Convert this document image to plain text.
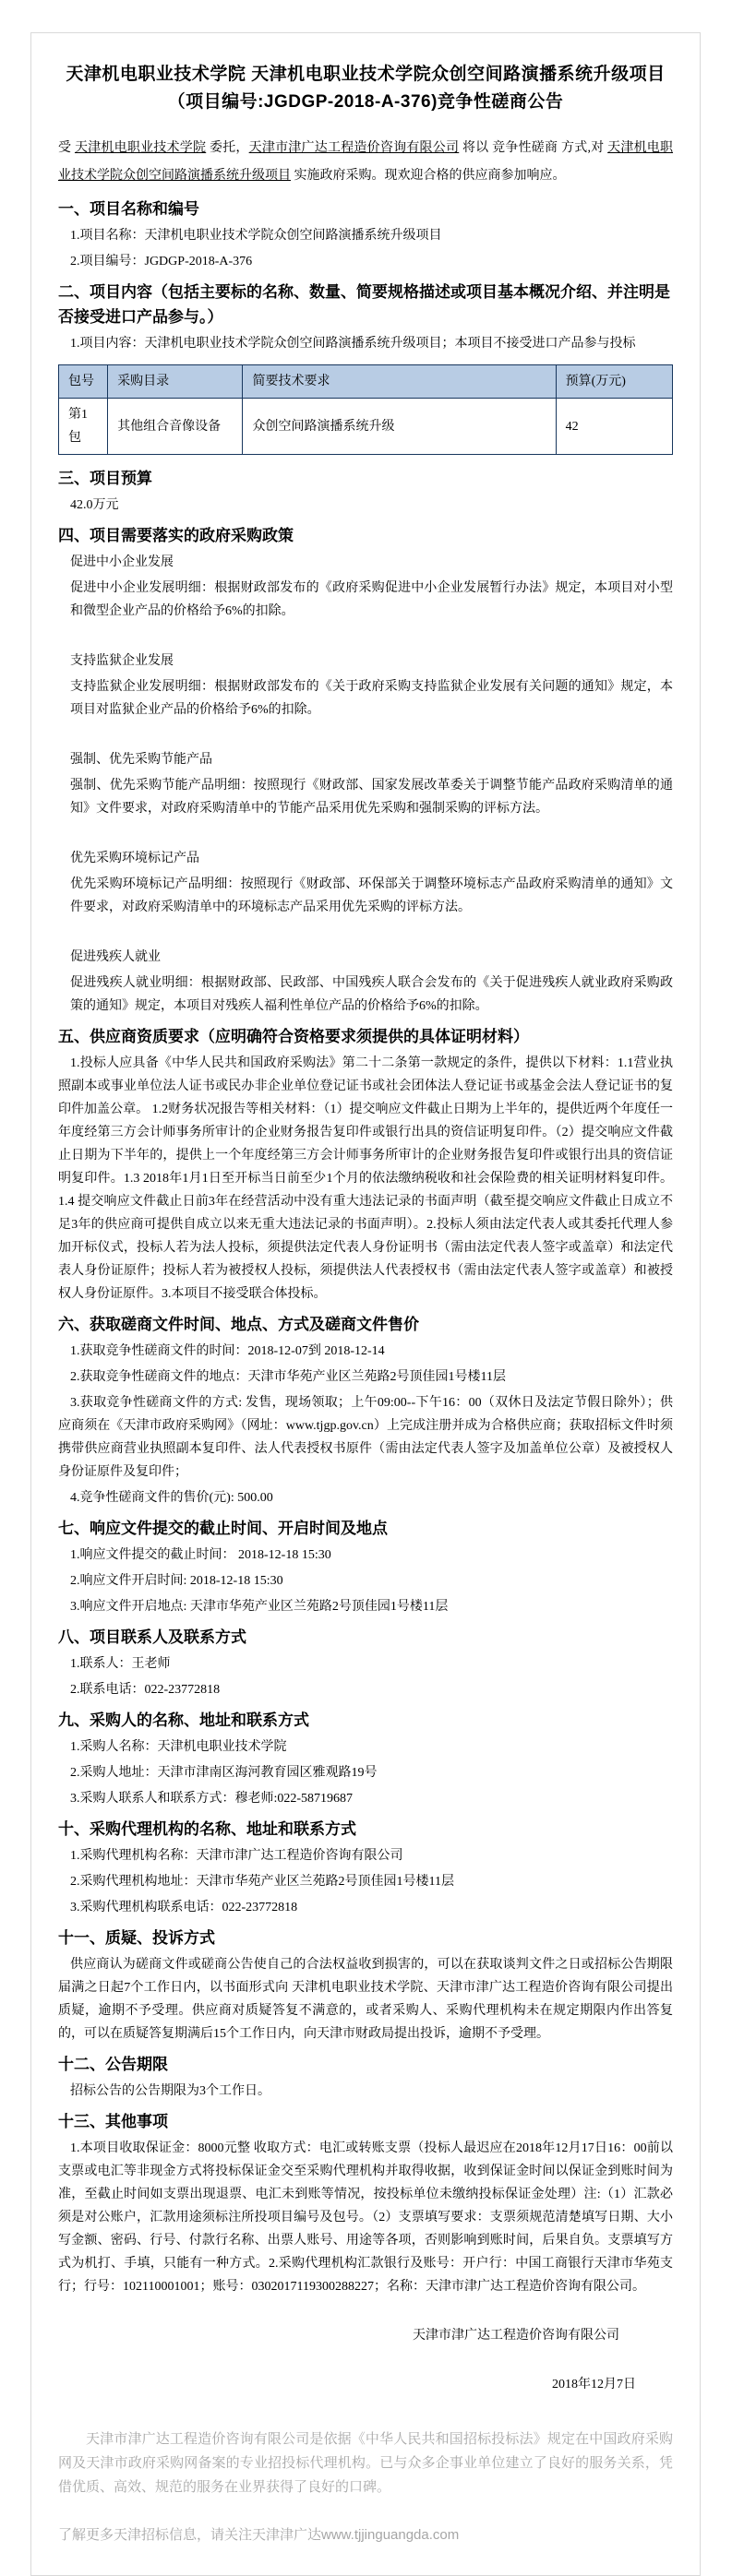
天津机电职业技术学院 天津机电职业技术学院众创空间路演播系统升级项目（项目编号:JGDGP-2018-A-376)竞争性磋商公告

受 天津机电职业技术学院 委托，天津市津广达工程造价咨询有限公司 将以 竞争性磋商 方式,对 天津机电职业技术学院众创空间路演播系统升级项目 实施政府采购。现欢迎合格的供应商参加响应。

一、项目名称和编号

1.项目名称：天津机电职业技术学院众创空间路演播系统升级项目

2.项目编号：JGDGP-2018-A-376

二、项目内容（包括主要标的名称、数量、简要规格描述或项目基本概况介绍、并注明是否接受进口产品参与。）

1.项目内容：天津机电职业技术学院众创空间路演播系统升级项目；本项目不接受进口产品参与投标

包号	采购目录	简要技术要求	预算(万元)
第1包	其他组合音像设备	众创空间路演播系统升级	42
三、项目预算

42.0万元

四、项目需要落实的政府采购政策

促进中小企业发展

促进中小企业发展明细：根据财政部发布的《政府采购促进中小企业发展暂行办法》规定，本项目对小型和微型企业产品的价格给予6%的扣除。

支持监狱企业发展

支持监狱企业发展明细：根据财政部发布的《关于政府采购支持监狱企业发展有关问题的通知》规定，本项目对监狱企业产品的价格给予6%的扣除。

强制、优先采购节能产品

强制、优先采购节能产品明细：按照现行《财政部、国家发展改革委关于调整节能产品政府采购清单的通知》文件要求，对政府采购清单中的节能产品采用优先采购和强制采购的评标方法。

优先采购环境标记产品

优先采购环境标记产品明细：按照现行《财政部、环保部关于调整环境标志产品政府采购清单的通知》文件要求，对政府采购清单中的环境标志产品采用优先采购的评标方法。

促进残疾人就业

促进残疾人就业明细：根据财政部、民政部、中国残疾人联合会发布的《关于促进残疾人就业政府采购政策的通知》规定，本项目对残疾人福利性单位产品的价格给予6%的扣除。

五、供应商资质要求（应明确符合资格要求须提供的具体证明材料）

1.投标人应具备《中华人民共和国政府采购法》第二十二条第一款规定的条件，提供以下材料：1.1营业执照副本或事业单位法人证书或民办非企业单位登记证书或社会团体法人登记证书或基金会法人登记证书的复印件加盖公章。 1.2财务状况报告等相关材料：（1）提交响应文件截止日期为上半年的，提供近两个年度任一年度经第三方会计师事务所审计的企业财务报告复印件或银行出具的资信证明复印件。（2）提交响应文件截止日期为下半年的，提供上一个年度经第三方会计师事务所审计的企业财务报告复印件或银行出具的资信证明复印件。1.3 2018年1月1日至开标当日前至少1个月的依法缴纳税收和社会保险费的相关证明材料复印件。1.4 提交响应文件截止日前3年在经营活动中没有重大违法记录的书面声明（截至提交响应文件截止日成立不足3年的供应商可提供自成立以来无重大违法记录的书面声明）。2.投标人须由法定代表人或其委托代理人参加开标仪式，投标人若为法人投标，须提供法定代表人身份证明书（需由法定代表人签字或盖章）和法定代表人身份证原件；投标人若为被授权人投标，须提供法人代表授权书（需由法定代表人签字或盖章）和被授权人身份证原件。3.本项目不接受联合体投标。

六、获取磋商文件时间、地点、方式及磋商文件售价

1.获取竞争性磋商文件的时间：2018-12-07到 2018-12-14

2.获取竞争性磋商文件的地点：天津市华苑产业区兰苑路2号顶佳园1号楼11层

3.获取竞争性磋商文件的方式: 发售，现场领取；上午09:00--下午16：00（双休日及法定节假日除外）；供应商须在《天津市政府采购网》（网址：www.tjgp.gov.cn）上完成注册并成为合格供应商；获取招标文件时须携带供应商营业执照副本复印件、法人代表授权书原件（需由法定代表人签字及加盖单位公章）及被授权人身份证原件及复印件；

4.竞争性磋商文件的售价(元): 500.00

七、响应文件提交的截止时间、开启时间及地点

1.响应文件提交的截止时间： 2018-12-18 15:30

2.响应文件开启时间: 2018-12-18 15:30

3.响应文件开启地点: 天津市华苑产业区兰苑路2号顶佳园1号楼11层

八、项目联系人及联系方式

1.联系人：王老师

2.联系电话：022-23772818

九、采购人的名称、地址和联系方式

1.采购人名称：天津机电职业技术学院

2.采购人地址：天津市津南区海河教育园区雅观路19号

3.采购人联系人和联系方式：穆老师:022-58719687

十、采购代理机构的名称、地址和联系方式

1.采购代理机构名称：天津市津广达工程造价咨询有限公司

2.采购代理机构地址：天津市华苑产业区兰苑路2号顶佳园1号楼11层

3.采购代理机构联系电话：022-23772818

十一、质疑、投诉方式

供应商认为磋商文件或磋商公告使自己的合法权益收到损害的，可以在获取谈判文件之日或招标公告期限届满之日起7个工作日内，以书面形式向 天津机电职业技术学院、天津市津广达工程造价咨询有限公司提出质疑，逾期不予受理。供应商对质疑答复不满意的，或者采购人、采购代理机构未在规定期限内作出答复的，可以在质疑答复期满后15个工作日内，向天津市财政局提出投诉，逾期不予受理。

十二、公告期限

招标公告的公告期限为3个工作日。

十三、其他事项

1.本项目收取保证金：8000元整 收取方式：电汇或转账支票（投标人最迟应在2018年12月17日16：00前以支票或电汇等非现金方式将投标保证金交至采购代理机构并取得收据，收到保证金时间以保证金到账时间为准，至截止时间如支票出现退票、电汇未到账等情况，按投标单位未缴纳投标保证金处理）注:（1）汇款必须是对公账户，汇款用途须标注所投项目编号及包号。（2）支票填写要求：支票须规范清楚填写日期、大小写金额、密码、行号、付款行名称、出票人账号、用途等各项，否则影响到账时间，后果自负。支票填写方式为机打、手填，只能有一种方式。2.采购代理机构汇款银行及账号：开户行：中国工商银行天津市华苑支行；行号：102110001001；账号：0302017119300288227；名称：天津市津广达工程造价咨询有限公司。

天津市津广达工程造价咨询有限公司

2018年12月7日

天津市津广达工程造价咨询有限公司是依据《中华人民共和国招标投标法》规定在中国政府采购网及天津市政府采购网备案的专业招投标代理机构。已与众多企事业单位建立了良好的服务关系，凭借优质、高效、规范的服务在业界获得了良好的口碑。

了解更多天津招标信息，请关注天津津广达www.tjjinguangda.com
